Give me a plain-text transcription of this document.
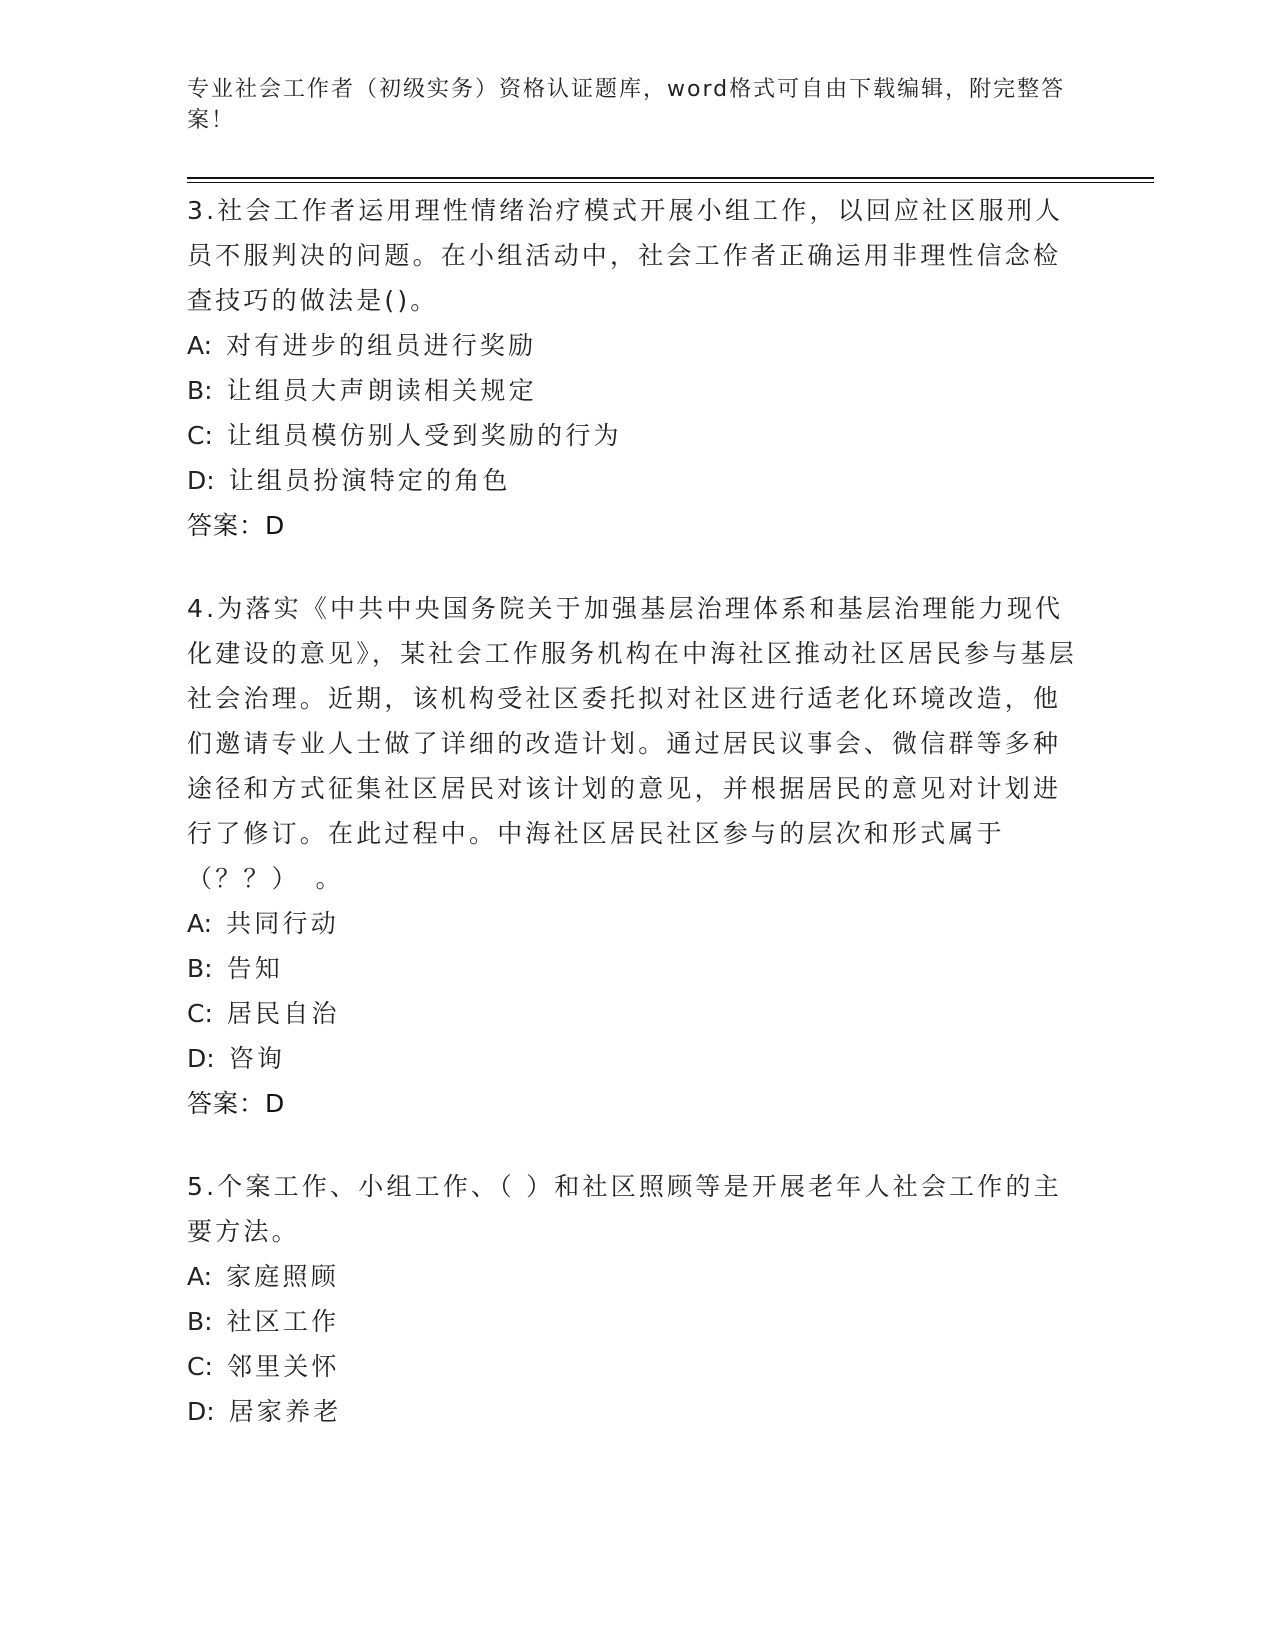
专业社会工作者（初级实务）资格认证题库，word格式可自由下载编辑，附完整答案！

3.社会工作者运用理性情绪治疗模式开展小组工作，以回应社区服刑人员不服判决的问题。在小组活动中，社会工作者正确运用非理性信念检查技巧的做法是()。

A: 对有进步的组员进行奖励

B: 让组员大声朗读相关规定

C: 让组员模仿别人受到奖励的行为

D: 让组员扮演特定的角色

答案：D

4.为落实《中共中央国务院关于加强基层治理体系和基层治理能力现代化建设的意见》，某社会工作服务机构在中海社区推动社区居民参与基层社会治理。近期，该机构受社区委托拟对社区进行适老化环境改造，他们邀请专业人士做了详细的改造计划。通过居民议事会、微信群等多种途径和方式征集社区居民对该计划的意见，并根据居民的意见对计划进行了修订。在此过程中。中海社区居民社区参与的层次和形式属于（？？）　。

A: 共同行动

B: 告知

C: 居民自治

D: 咨询

答案：D

5.个案工作、小组工作、（ ）和社区照顾等是开展老年人社会工作的主要方法。

A: 家庭照顾

B: 社区工作

C: 邻里关怀

D: 居家养老
